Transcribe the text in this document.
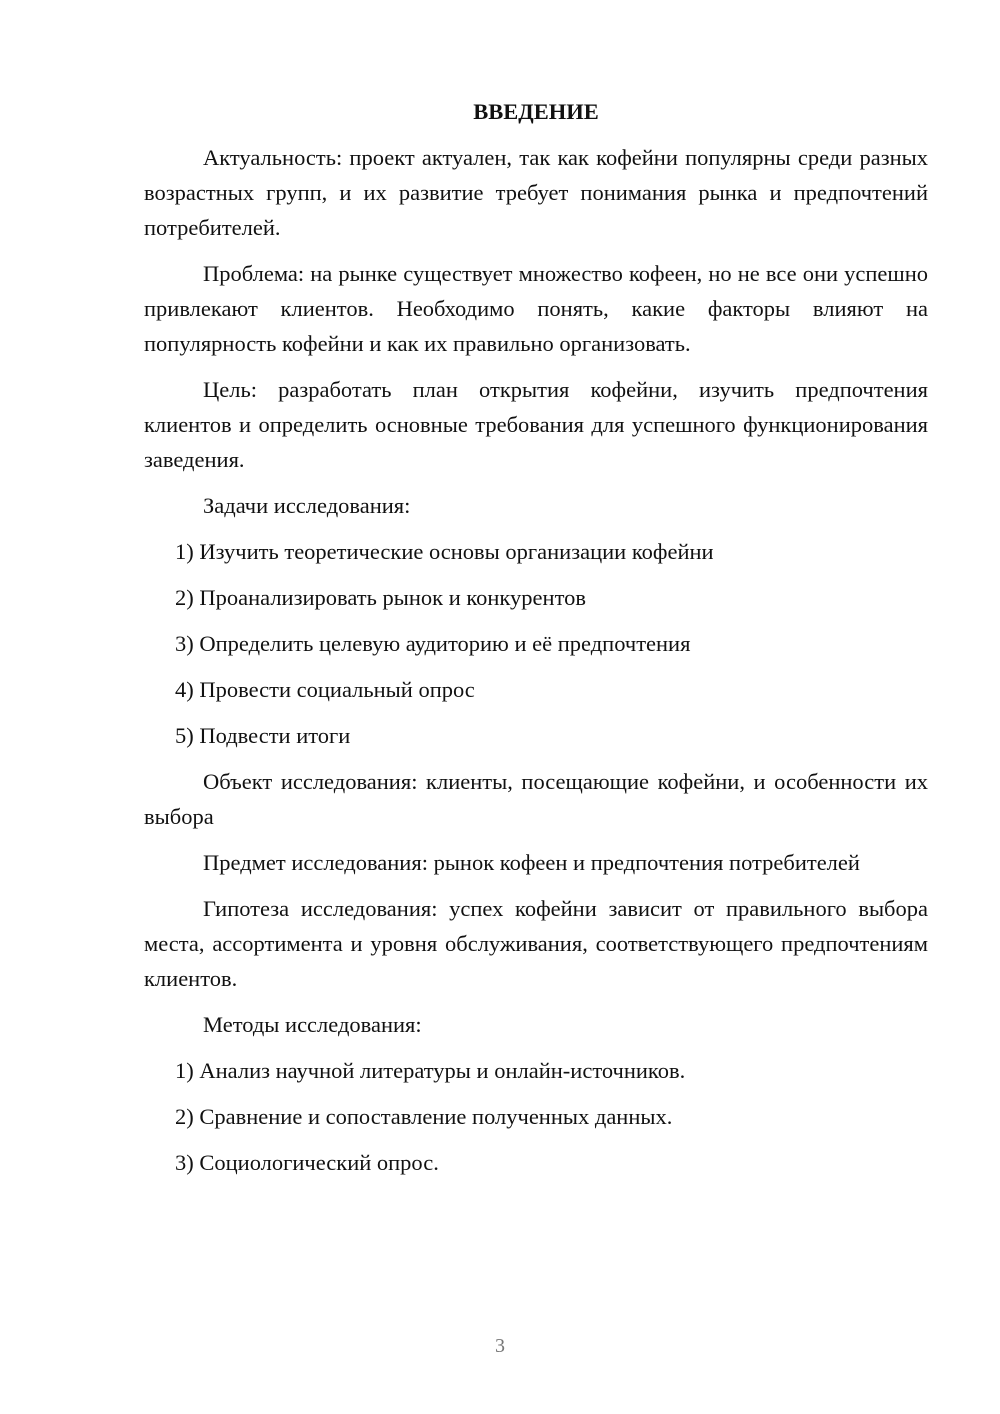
ВВЕДЕНИЕ
Актуальность: проект актуален, так как кофейни популярны среди разных возрастных групп, и их развитие требует понимания рынка и предпочтений потребителей.
Проблема: на рынке существует множество кофеен, но не все они успешно привлекают клиентов. Необходимо понять, какие факторы влияют на популярность кофейни и как их правильно организовать.
Цель: разработать план открытия кофейни, изучить предпочтения клиентов и определить основные требования для успешного функционирования заведения.
Задачи исследования:
1) Изучить теоретические основы организации кофейни
2) Проанализировать рынок и конкурентов
3) Определить целевую аудиторию и её предпочтения
4) Провести социальный опрос
5) Подвести итоги
Объект исследования: клиенты, посещающие кофейни, и особенности их выбора
Предмет исследования: рынок кофеен и предпочтения потребителей
Гипотеза исследования: успех кофейни зависит от правильного выбора места, ассортимента и уровня обслуживания, соответствующего предпочтениям клиентов.
Методы исследования:
1) Анализ научной литературы и онлайн-источников.
2) Сравнение и сопоставление полученных данных.
3) Социологический опрос.
3
